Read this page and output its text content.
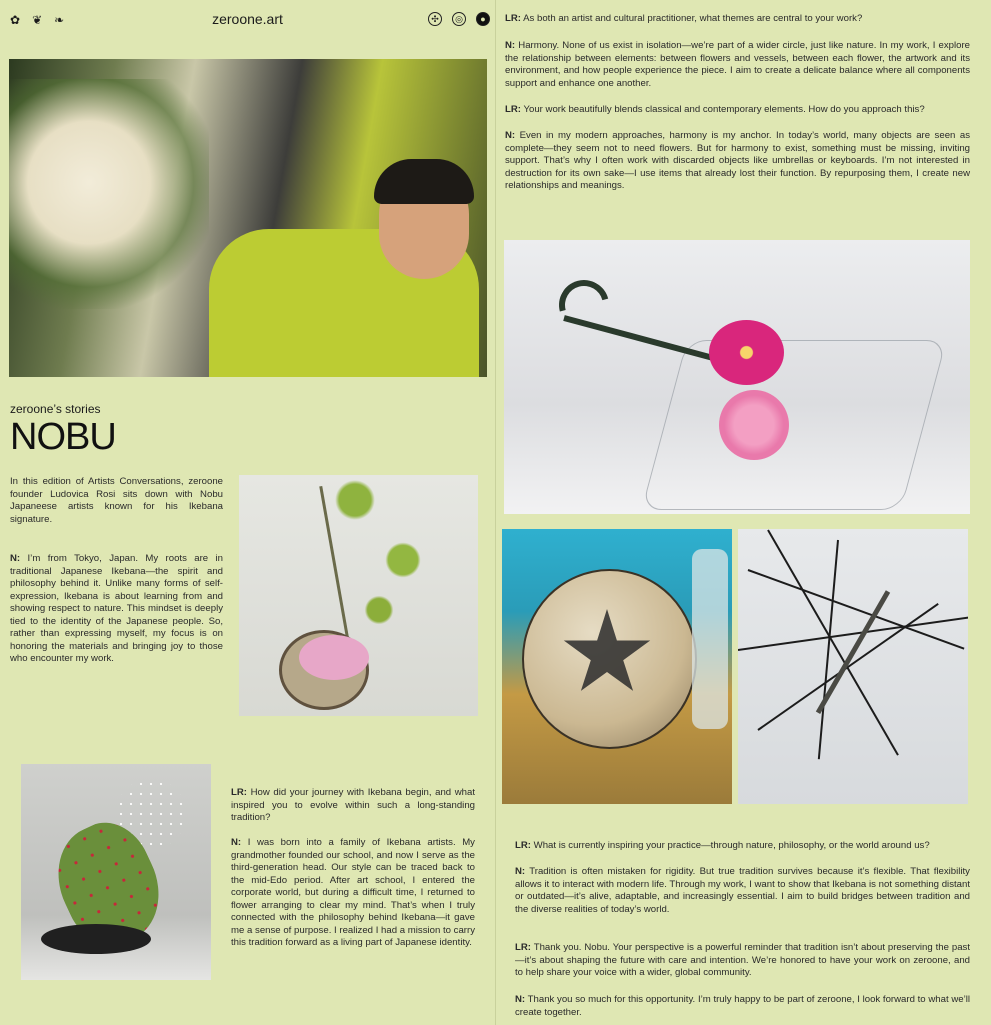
✿ ❦ ❧	zeroone.art	✣	◎	●
zeroone’s stories
NOBU
In this edition of Artists Conversations, zeroone founder Ludovica Rosi sits down with Nobu Japaneese artists known for his Ikebana signature.
N: I’m from Tokyo, Japan. My roots are in traditional Japanese Ikebana—the spirit and philosophy behind it. Unlike many forms of self-expression, Ikebana is about learning from and showing respect to nature. This mindset is deeply tied to the identity of the Japanese people. So, rather than expressing myself, my focus is on honoring the materials and bringing joy to those who encounter my work.
LR: How did your journey with Ikebana begin, and what inspired you to evolve within such a long-standing tradition?
N: I was born into a family of Ikebana artists. My grandmother founded our school, and now I serve as the third-generation head. Our style can be traced back to the mid-Edo period. After art school, I entered the corporate world, but during a difficult time, I returned to flower arranging to clear my mind. That’s when I truly connected with the philosophy behind Ikebana—it gave me a sense of purpose. I realized I had a mission to carry this tradition forward as a living part of Japanese identity.
LR: As both an artist and cultural practitioner, what themes are central to your work?
N: Harmony. None of us exist in isolation—we’re part of a wider circle, just like nature. In my work, I explore the relationship between elements: between flowers and vessels, between each flower, the artwork and its environment, and how people experience the piece. I aim to create a delicate balance where all components support and enhance one another.
LR: Your work beautifully blends classical and contemporary elements. How do you approach this?
N: Even in my modern approaches, harmony is my anchor. In today’s world, many objects are seen as complete—they seem not to need flowers. But for harmony to exist, something must be missing, inviting support. That’s why I often work with discarded objects like umbrellas or keyboards. I’m not interested in destruction for its own sake—I use items that already lost their function. By repurposing them, I create new relationships and meanings.
LR: What is currently inspiring your practice—through nature, philosophy, or the world around us?
N: Tradition is often mistaken for rigidity. But true tradition survives because it’s flexible. That flexibility allows it to interact with modern life. Through my work, I want to show that Ikebana is not something distant or outdated—it’s alive, adaptable, and increasingly essential. I aim to build bridges between tradition and the diverse realities of today’s world.
LR: Thank you. Nobu. Your perspective is a powerful reminder that tradition isn’t about preserving the past—it’s about shaping the future with care and intention. We’re honored to have your work on zeroone, and to help share your voice with a wider, global community.
N: Thank you so much for this opportunity. I’m truly happy to be part of zeroone, I look forward to what we’ll create together.
